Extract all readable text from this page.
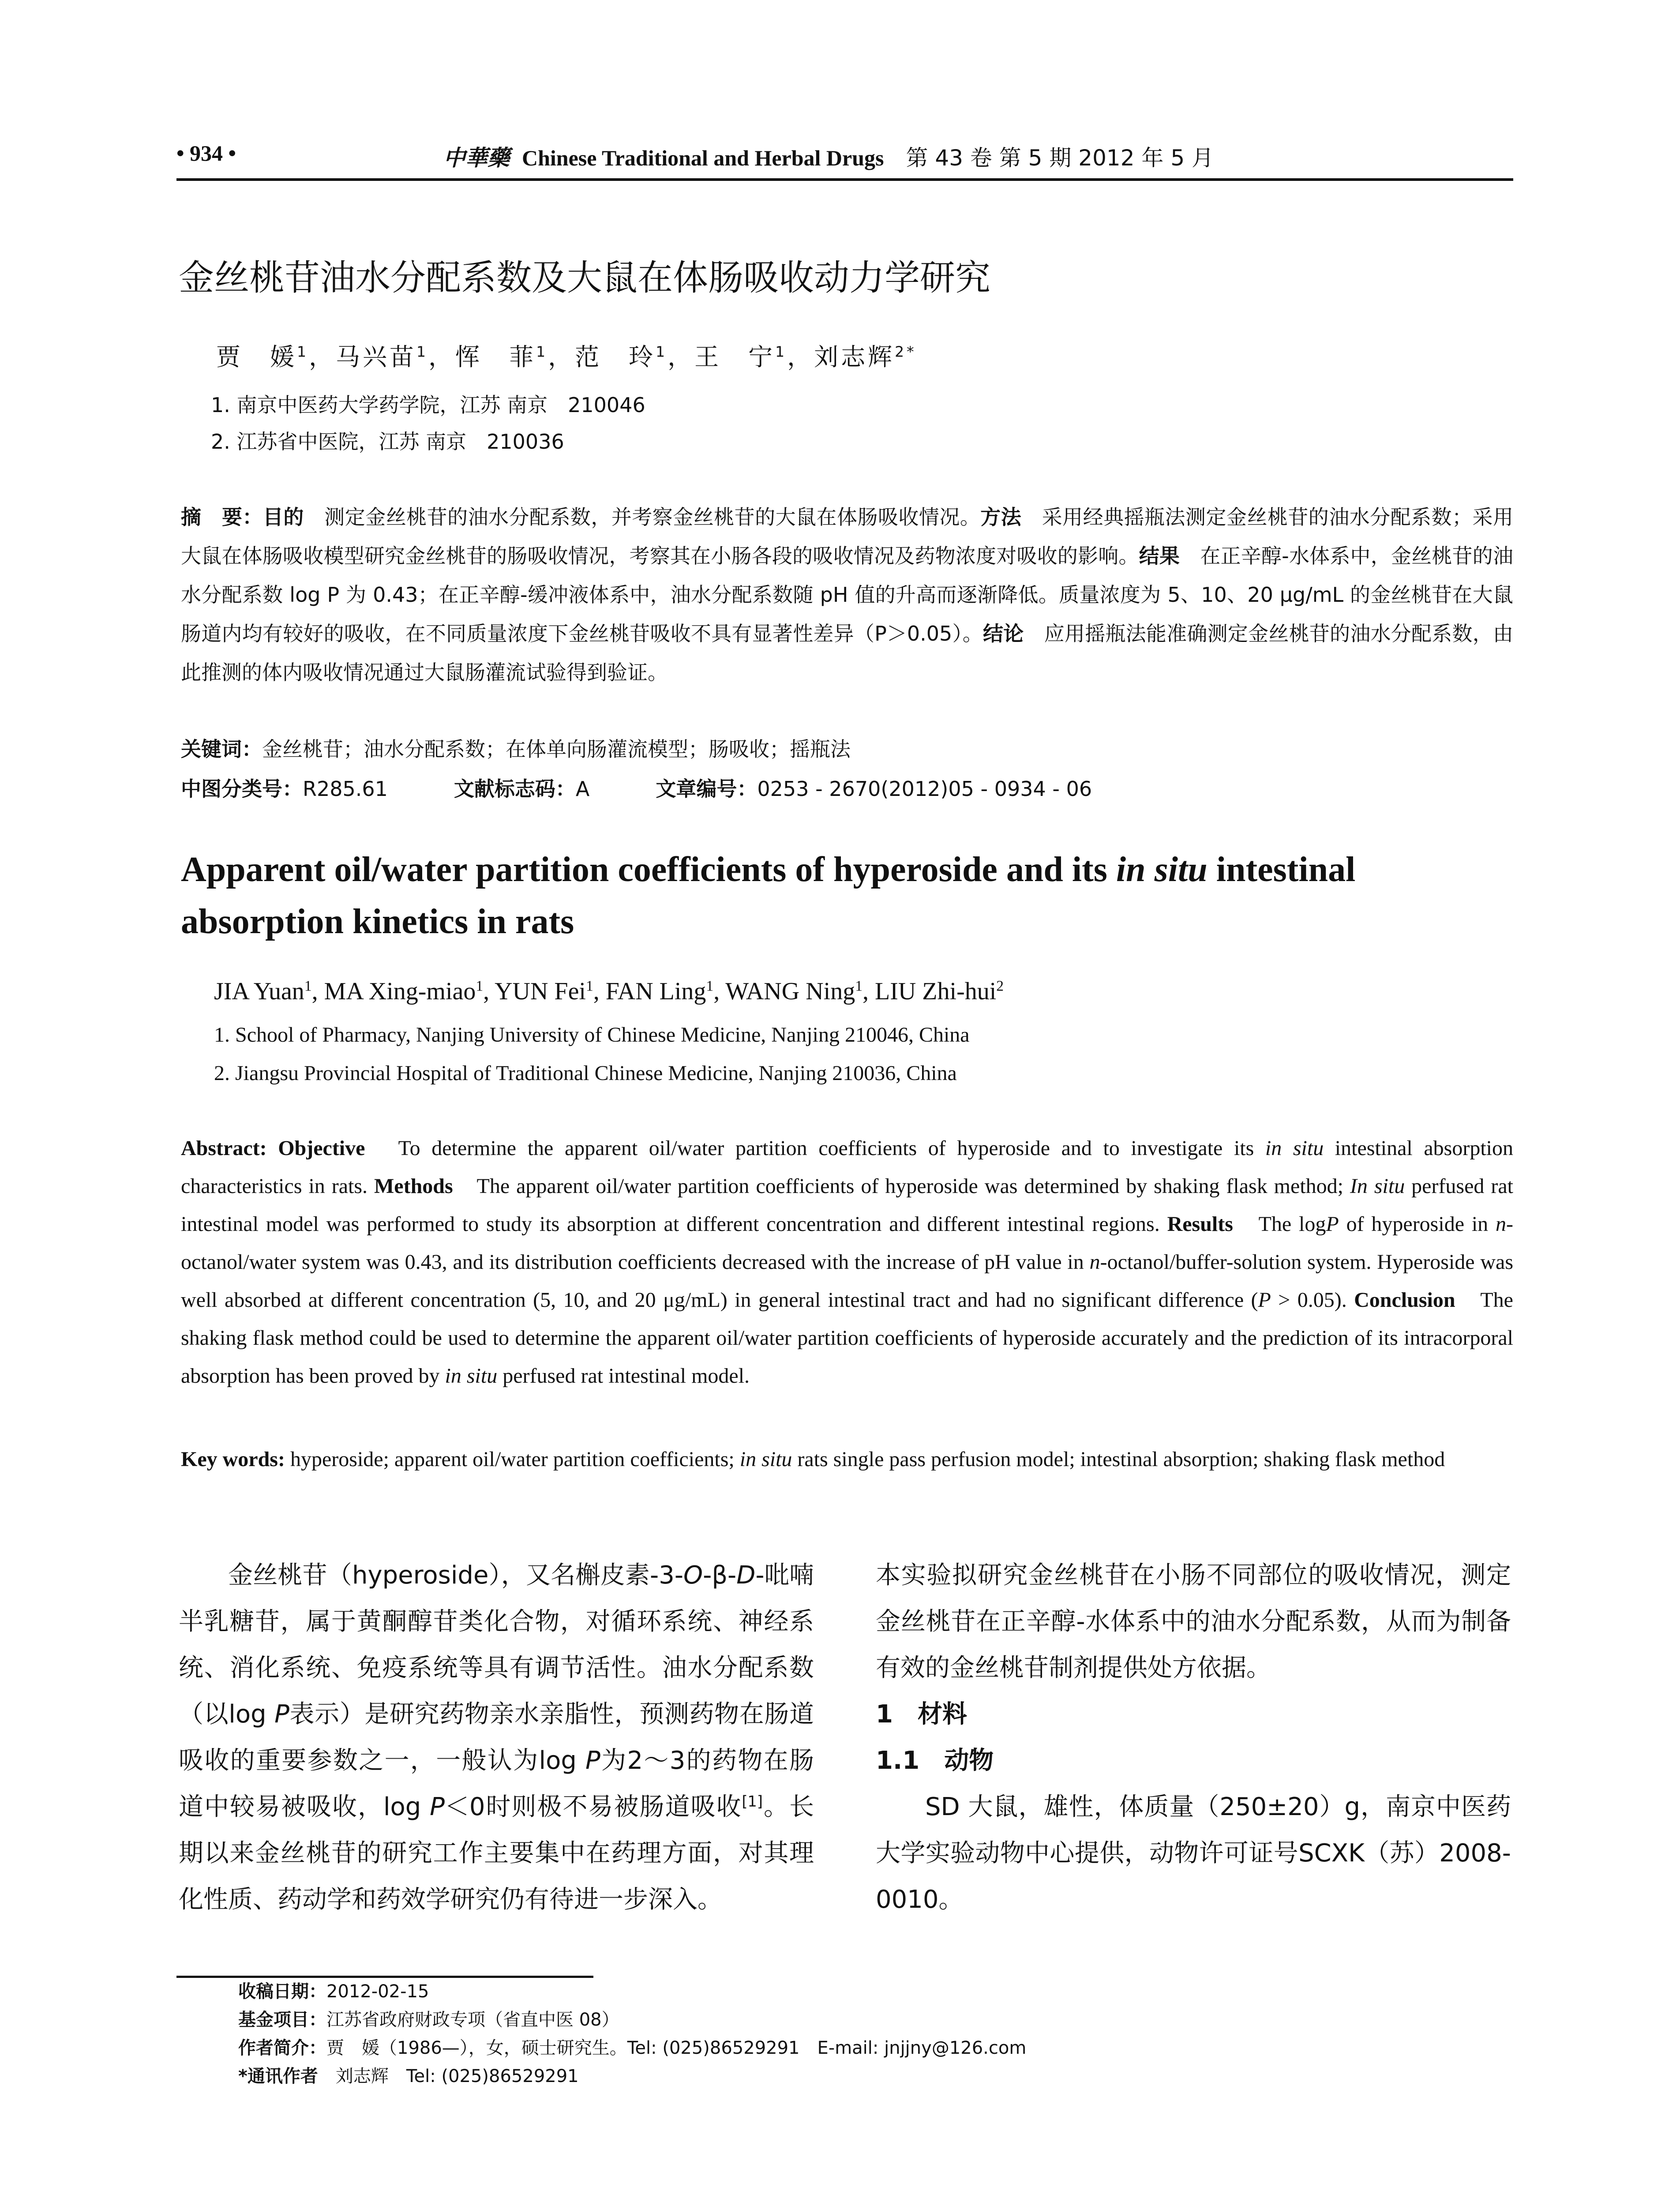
• 934 •	中華藥 Chinese Traditional and Herbal Drugs 第 43 卷 第 5 期 2012 年 5 月
金丝桃苷油水分配系数及大鼠在体肠吸收动力学研究
贾　媛$^1$，马兴苗$^1$，恽　菲$^1$，范　玲$^1$，王　宁$^1$，刘志辉$^{2*}$
1. 南京中医药大学药学院，江苏 南京　210046
2. 江苏省中医院，江苏 南京　210036
摘　要：目的　测定金丝桃苷的油水分配系数，并考察金丝桃苷的大鼠在体肠吸收情况。方法　采用经典摇瓶法测定金丝桃苷的油水分配系数；采用大鼠在体肠吸收模型研究金丝桃苷的肠吸收情况，考察其在小肠各段的吸收情况及药物浓度对吸收的影响。结果　在正辛醇-水体系中，金丝桃苷的油水分配系数 log P 为 0.43；在正辛醇-缓冲液体系中，油水分配系数随 pH 值的升高而逐渐降低。质量浓度为 5、10、20 μg/mL 的金丝桃苷在大鼠肠道内均有较好的吸收，在不同质量浓度下金丝桃苷吸收不具有显著性差异（P＞0.05）。结论　应用摇瓶法能准确测定金丝桃苷的油水分配系数，由此推测的体内吸收情况通过大鼠肠灌流试验得到验证。
关键词：金丝桃苷；油水分配系数；在体单向肠灌流模型；肠吸收；摇瓶法
中图分类号：R285.61	文献标志码：A	文章编号：0253 - 2670(2012)05 - 0934 - 06
Apparent oil/water partition coefficients of hyperoside and its in situ intestinal absorption kinetics in rats
JIA Yuan$^1$, MA Xing-miao$^1$, YUN Fei$^1$, FAN Ling$^1$, WANG Ning$^1$, LIU Zhi-hui$^2$
1. School of Pharmacy, Nanjing University of Chinese Medicine, Nanjing 210046, China
2. Jiangsu Provincial Hospital of Traditional Chinese Medicine, Nanjing 210036, China
Abstract: Objective　To determine the apparent oil/water partition coefficients of hyperoside and to investigate its in situ intestinal absorption characteristics in rats. Methods　The apparent oil/water partition coefficients of hyperoside was determined by shaking flask method; In situ perfused rat intestinal model was performed to study its absorption at different concentration and different intestinal regions. Results　The logP of hyperoside in n-octanol/water system was 0.43, and its distribution coefficients decreased with the increase of pH value in n-octanol/buffer-solution system. Hyperoside was well absorbed at different concentration (5, 10, and 20 μg/mL) in general intestinal tract and had no significant difference (P > 0.05). Conclusion　The shaking flask method could be used to determine the apparent oil/water partition coefficients of hyperoside accurately and the prediction of its intracorporal absorption has been proved by in situ perfused rat intestinal model.
Key words: hyperoside; apparent oil/water partition coefficients; in situ rats single pass perfusion model; intestinal absorption; shaking flask method

金丝桃苷（hyperoside），又名槲皮素-3-O-β-D-吡喃半乳糖苷，属于黄酮醇苷类化合物，对循环系统、神经系统、消化系统、免疫系统等具有调节活性。油水分配系数（以log P表示）是研究药物亲水亲脂性，预测药物在肠道吸收的重要参数之一，一般认为log P为2～3的药物在肠道中较易被吸收，log P＜0时则极不易被肠道吸收[1]。长期以来金丝桃苷的研究工作主要集中在药理方面，对其理化性质、药动学和药效学研究仍有待进一步深入。

本实验拟研究金丝桃苷在小肠不同部位的吸收情况，测定金丝桃苷在正辛醇-水体系中的油水分配系数，从而为制备有效的金丝桃苷制剂提供处方依据。

1　材料

1.1　动物

SD 大鼠，雄性，体质量（250±20）g，南京中医药大学实验动物中心提供，动物许可证号SCXK（苏）2008-0010。

收稿日期：2012-02-15
基金项目：江苏省政府财政专项（省直中医 08）
作者简介：贾　媛（1986—），女，硕士研究生。Tel: (025)86529291　E-mail: jnjjny@126.com
*通讯作者　刘志辉　Tel: (025)86529291
